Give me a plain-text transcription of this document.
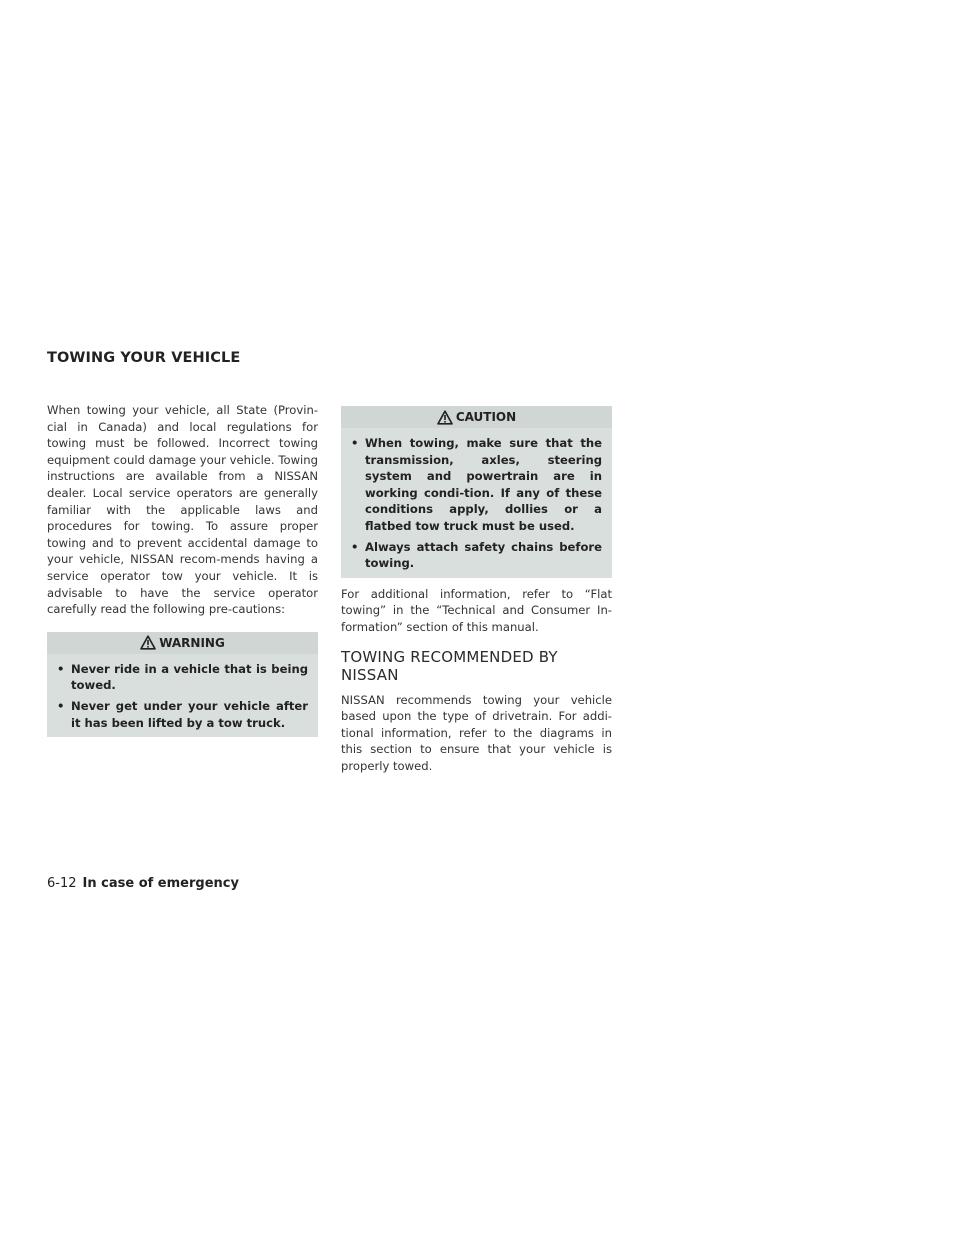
TOWING YOUR VEHICLE

When towing your vehicle, all State (Provin-cial in Canada) and local regulations for towing must be followed. Incorrect towing equipment could damage your vehicle. Towing instructions are available from a NISSAN dealer. Local service operators are generally familiar with the applicable laws and procedures for towing. To assure proper towing and to prevent accidental damage to your vehicle, NISSAN recom-mends having a service operator tow your vehicle. It is advisable to have the service operator carefully read the following pre-cautions:

WARNING
• Never ride in a vehicle that is being towed.
• Never get under your vehicle after it has been lifted by a tow truck.
CAUTION
• When towing, make sure that the transmission, axles, steering system and powertrain are in working condi-tion. If any of these conditions apply, dollies or a flatbed tow truck must be used.
• Always attach safety chains before towing.

For additional information, refer to “Flat towing” in the “Technical and Consumer In-formation” section of this manual.

TOWING RECOMMENDED BY NISSAN

NISSAN recommends towing your vehicle based upon the type of drivetrain. For addi-tional information, refer to the diagrams in this section to ensure that your vehicle is properly towed.

6-12 In case of emergency
